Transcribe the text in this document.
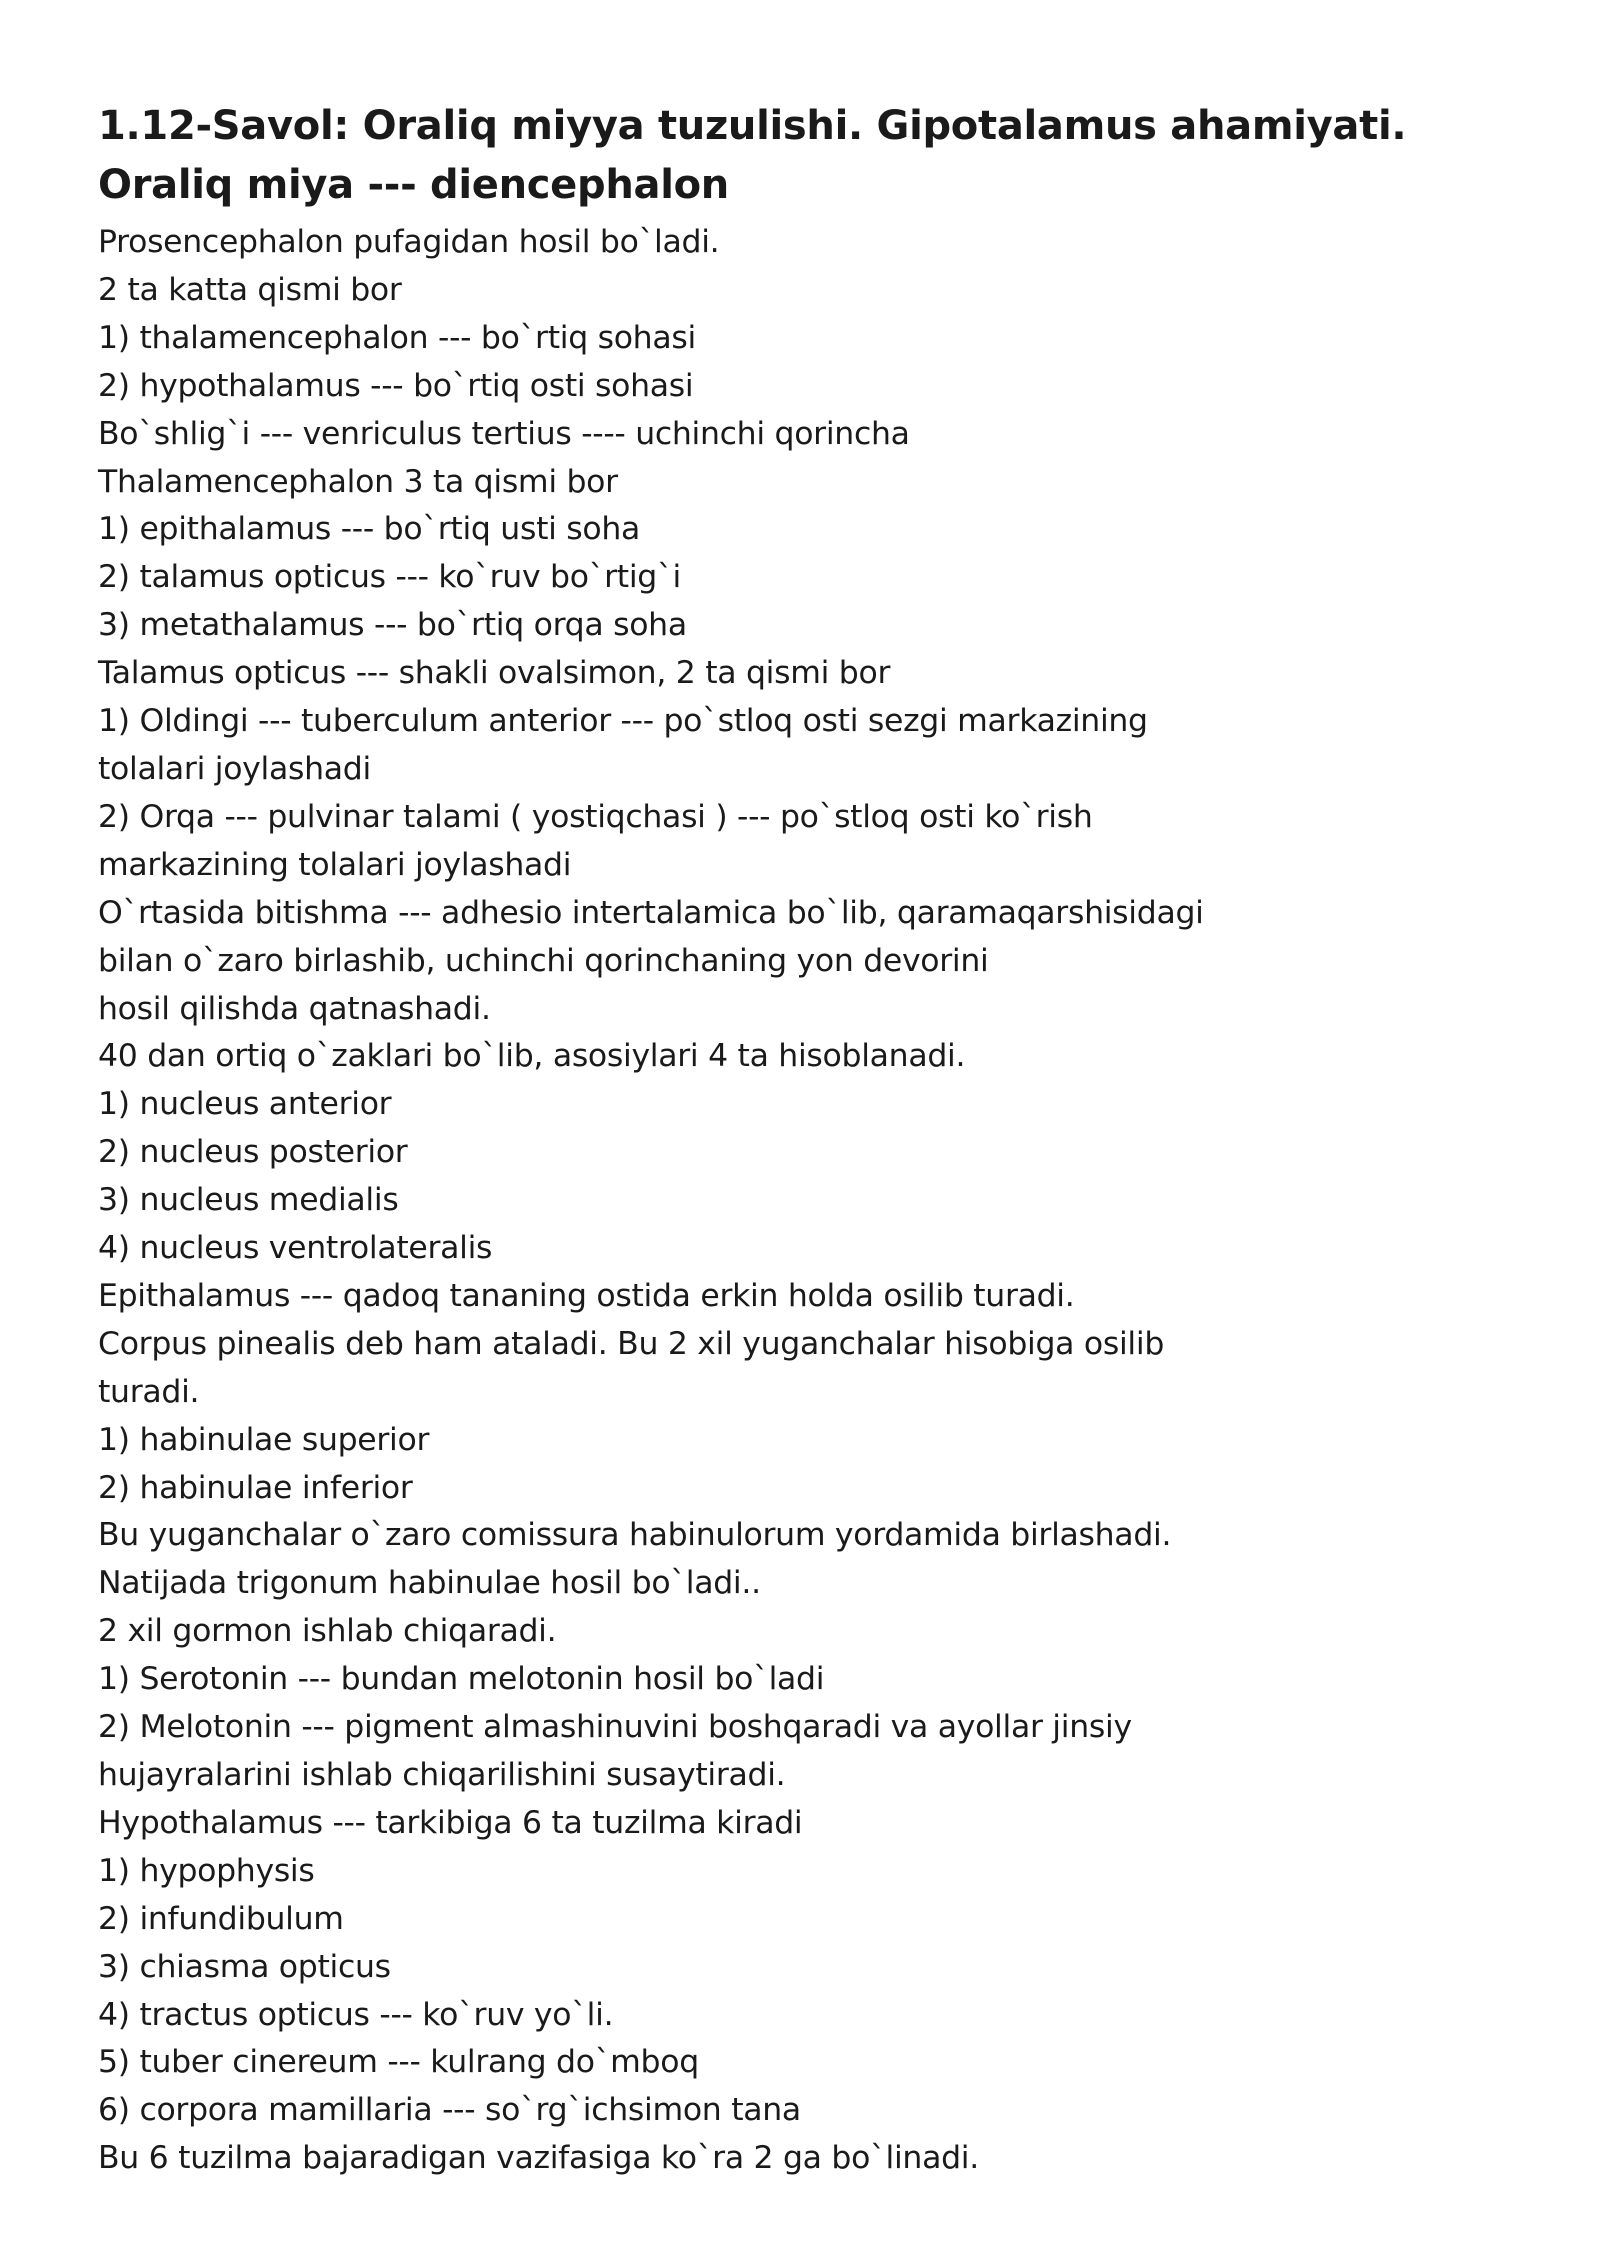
1.12-Savol: Oraliq miyya tuzulishi. Gipotalamus ahamiyati.
Oraliq miya --- diencephalon

Prosencephalon pufagidan hosil bo`ladi.

2 ta katta qismi bor

1) thalamencephalon --- bo`rtiq sohasi

2) hypothalamus --- bo`rtiq osti sohasi

Bo`shlig`i --- venriculus tertius ---- uchinchi qorincha

Thalamencephalon 3 ta qismi bor

1) epithalamus --- bo`rtiq usti soha

2) talamus opticus --- ko`ruv bo`rtig`i

3) metathalamus --- bo`rtiq orqa soha

Talamus opticus --- shakli ovalsimon, 2 ta qismi bor

1) Oldingi --- tuberculum anterior --- po`stloq osti sezgi markazining

tolalari joylashadi

2) Orqa --- pulvinar talami ( yostiqchasi ) --- po`stloq osti ko`rish

markazining tolalari joylashadi

O`rtasida bitishma --- adhesio intertalamica bo`lib, qaramaqarshisidagi

bilan o`zaro birlashib, uchinchi qorinchaning yon devorini

hosil qilishda qatnashadi.

40 dan ortiq o`zaklari bo`lib, asosiylari 4 ta hisoblanadi.

1) nucleus anterior

2) nucleus posterior

3) nucleus medialis

4) nucleus ventrolateralis

Epithalamus --- qadoq tananing ostida erkin holda osilib turadi.

Corpus pinealis deb ham ataladi. Bu 2 xil yuganchalar hisobiga osilib

turadi.

1) habinulae superior

2) habinulae inferior

Bu yuganchalar o`zaro comissura habinulorum yordamida birlashadi.

Natijada trigonum habinulae hosil bo`ladi..

2 xil gormon ishlab chiqaradi.

1) Serotonin --- bundan melotonin hosil bo`ladi

2) Melotonin --- pigment almashinuvini boshqaradi va ayollar jinsiy

hujayralarini ishlab chiqarilishini susaytiradi.

Hypothalamus --- tarkibiga 6 ta tuzilma kiradi

1) hypophysis

2) infundibulum

3) chiasma opticus

4) tractus opticus --- ko`ruv yo`li.

5) tuber cinereum --- kulrang do`mboq

6) corpora mamillaria --- so`rg`ichsimon tana

Bu 6 tuzilma bajaradigan vazifasiga ko`ra 2 ga bo`linadi.
